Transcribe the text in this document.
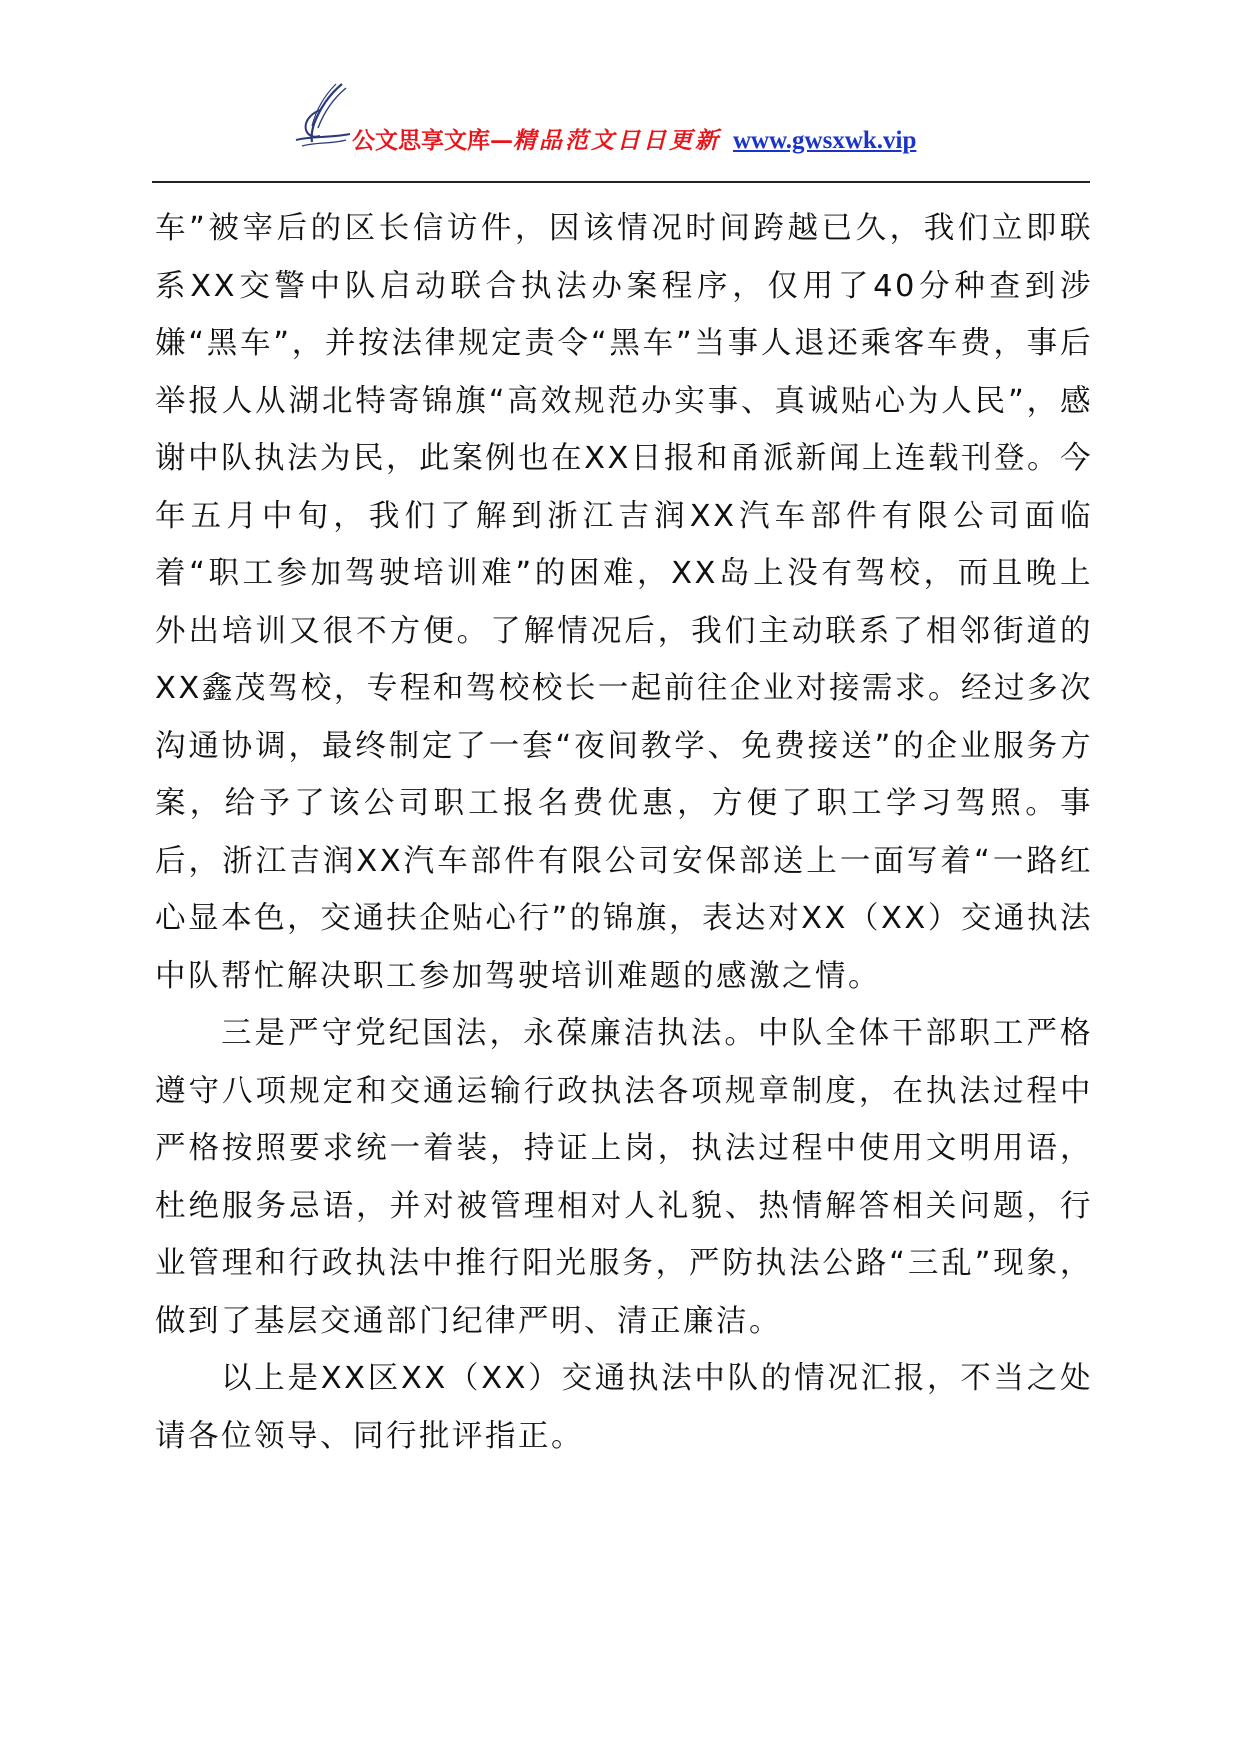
公文思享文库—精品范文日日更新 www.gwsxwk.vip

车”被宰后的区长信访件，因该情况时间跨越已久，我们立即联系XX交警中队启动联合执法办案程序，仅用了40分种查到涉嫌“黑车”，并按法律规定责令“黑车”当事人退还乘客车费，事后举报人从湖北特寄锦旗“高效规范办实事、真诚贴心为人民”，感谢中队执法为民，此案例也在XX日报和甬派新闻上连载刊登。今年五月中旬，我们了解到浙江吉润XX汽车部件有限公司面临着“职工参加驾驶培训难”的困难，XX岛上没有驾校，而且晚上外出培训又很不方便。了解情况后，我们主动联系了相邻街道的XX鑫茂驾校，专程和驾校校长一起前往企业对接需求。经过多次沟通协调，最终制定了一套“夜间教学、免费接送”的企业服务方案，给予了该公司职工报名费优惠，方便了职工学习驾照。事后，浙江吉润XX汽车部件有限公司安保部送上一面写着“一路红心显本色，交通扶企贴心行”的锦旗，表达对XX（XX）交通执法中队帮忙解决职工参加驾驶培训难题的感激之情。

三是严守党纪国法，永葆廉洁执法。中队全体干部职工严格遵守八项规定和交通运输行政执法各项规章制度，在执法过程中严格按照要求统一着装，持证上岗，执法过程中使用文明用语，杜绝服务忌语，并对被管理相对人礼貌、热情解答相关问题，行业管理和行政执法中推行阳光服务，严防执法公路“三乱”现象，做到了基层交通部门纪律严明、清正廉洁。

以上是XX区XX（XX）交通执法中队的情况汇报，不当之处请各位领导、同行批评指正。
